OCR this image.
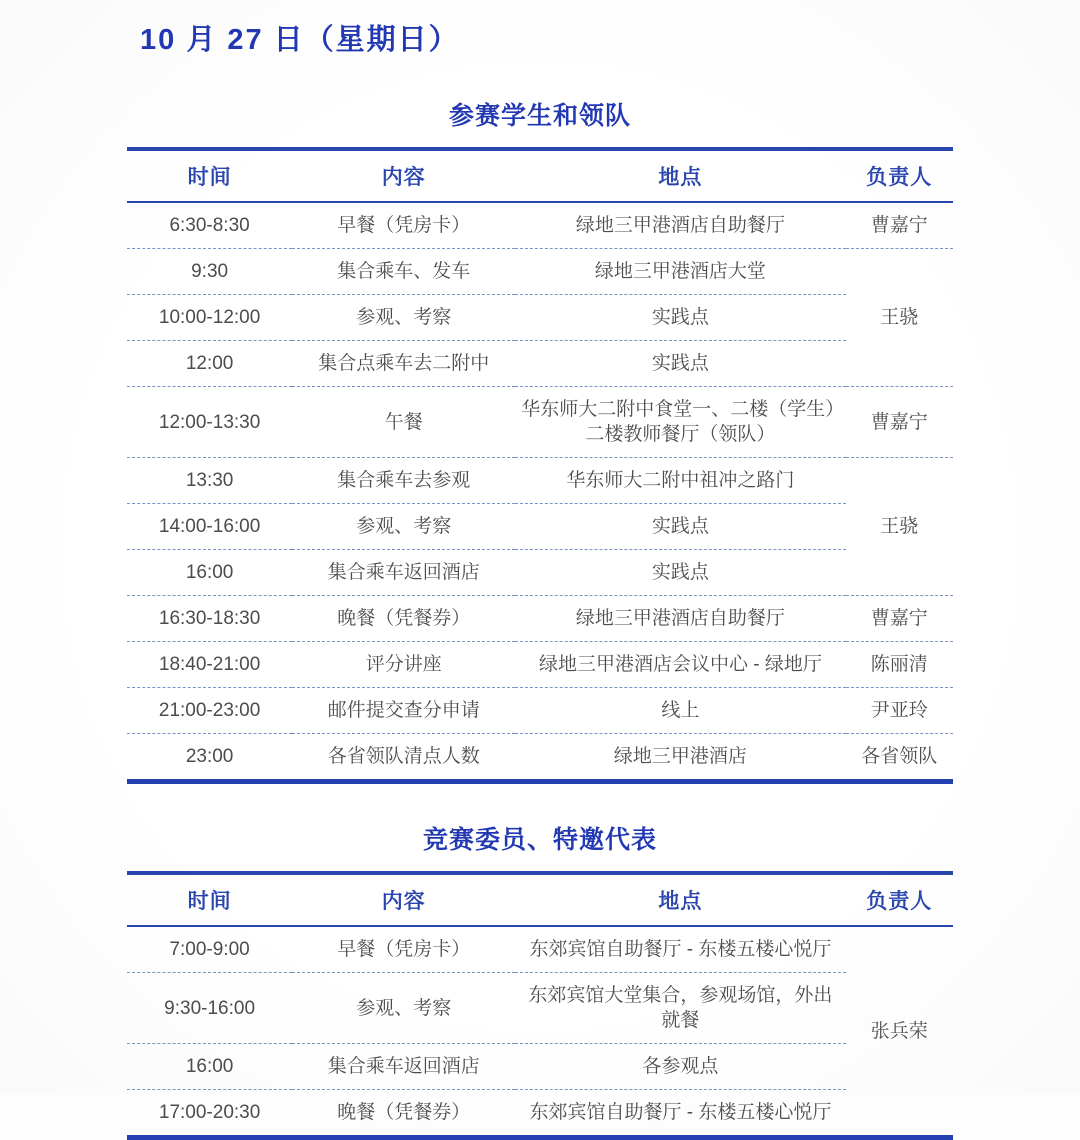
10 月 27 日（星期日）
参赛学生和领队
时间	内容	地点	负责人
6:30-8:30	早餐（凭房卡）	绿地三甲港酒店自助餐厅	曹嘉宁
9:30	集合乘车、发车	绿地三甲港酒店大堂	王骁
10:00-12:00	参观、考察	实践点	

12:00	集合点乘车去二附中	实践点	

12:00-13:30	午餐	华东师大二附中食堂一、二楼（学生）
二楼教师餐厅（领队）	曹嘉宁
13:30	集合乘车去参观	华东师大二附中祖冲之路门	王骁
14:00-16:00	参观、考察	实践点	

16:00	集合乘车返回酒店	实践点	

16:30-18:30	晚餐（凭餐券）	绿地三甲港酒店自助餐厅	曹嘉宁
18:40-21:00	评分讲座	绿地三甲港酒店会议中心 - 绿地厅	陈丽清
21:00-23:00	邮件提交查分申请	线上	尹亚玲
23:00	各省领队清点人数	绿地三甲港酒店	各省领队
竞赛委员、特邀代表
时间	内容	地点	负责人
7:00-9:00	早餐（凭房卡）	东郊宾馆自助餐厅 - 东楼五楼心悦厅	张兵荣
9:30-16:00	参观、考察	东郊宾馆大堂集合，参观场馆，外出就餐	

16:00	集合乘车返回酒店	各参观点	

17:00-20:30	晚餐（凭餐券）	东郊宾馆自助餐厅 - 东楼五楼心悦厅	
